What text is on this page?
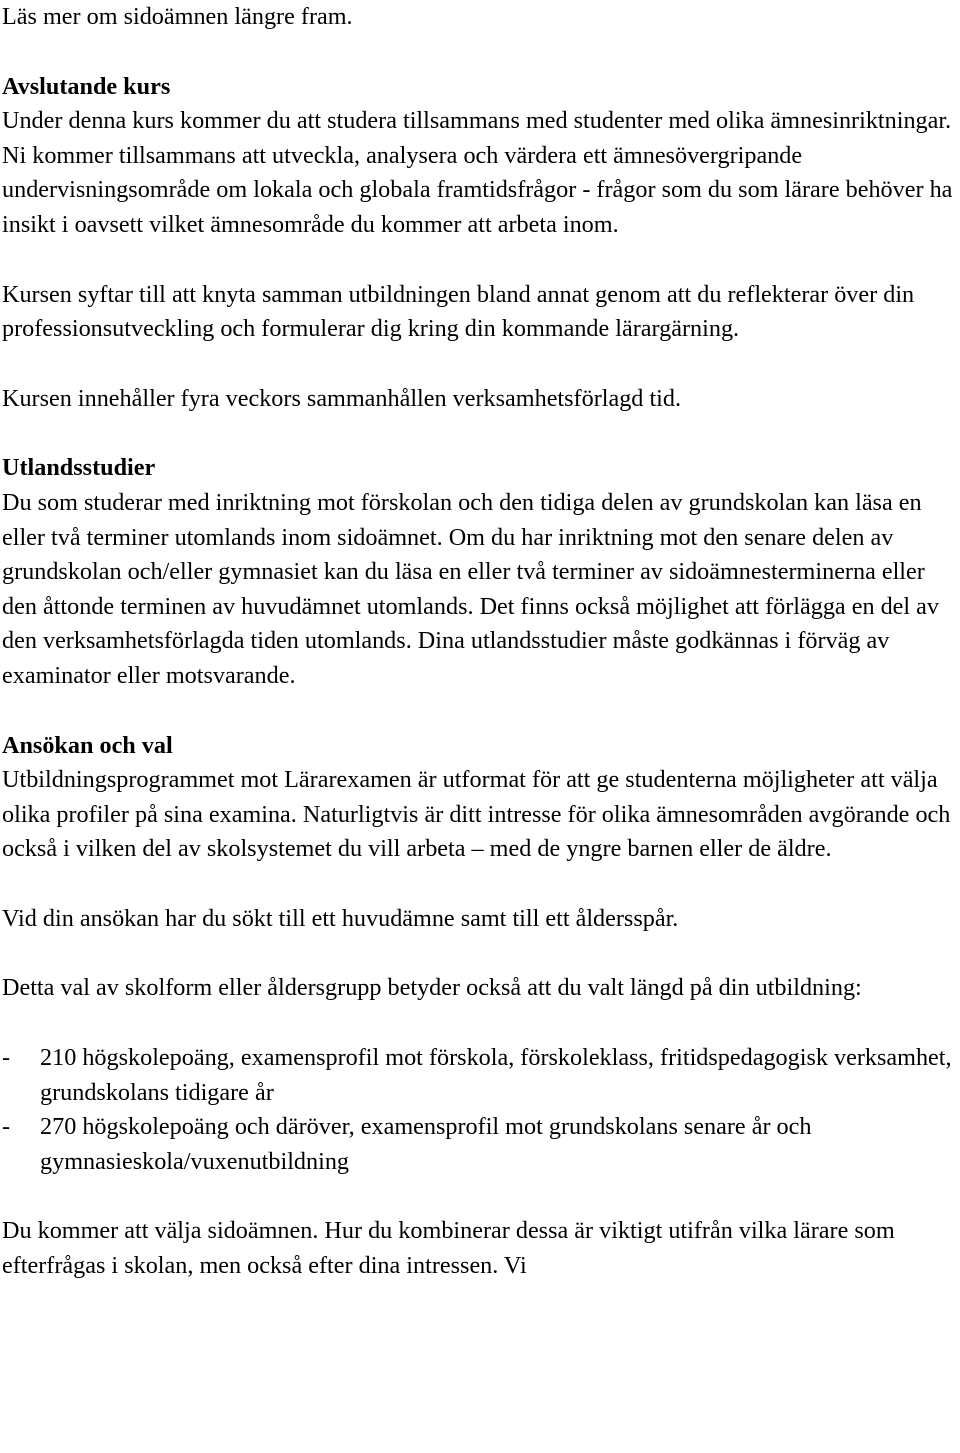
Läs mer om sidoämnen längre fram.

Avslutande kurs

Under denna kurs kommer du att studera tillsammans med studenter med olika ämnesinriktningar. Ni kommer tillsammans att utveckla, analysera och värdera ett ämnesövergripande undervisningsområde om lokala och globala framtidsfrågor - frågor som du som lärare behöver ha insikt i oavsett vilket ämnesområde du kommer att arbeta inom.

Kursen syftar till att knyta samman utbildningen bland annat genom att du reflekterar över din professionsutveckling och formulerar dig kring din kommande lärargärning.

Kursen innehåller fyra veckors sammanhållen verksamhetsförlagd tid.

Utlandsstudier

Du som studerar med inriktning mot förskolan och den tidiga delen av grundskolan kan läsa en eller två terminer utomlands inom sidoämnet. Om du har inriktning mot den senare delen av grundskolan och/eller gymnasiet kan du läsa en eller två terminer av sidoämnesterminerna eller den åttonde terminen av huvudämnet utomlands. Det finns också möjlighet att förlägga en del av den verksamhetsförlagda tiden utomlands. Dina utlandsstudier måste godkännas i förväg av examinator eller motsvarande.

Ansökan och val

Utbildningsprogrammet mot Lärarexamen är utformat för att ge studenterna möjligheter att välja olika profiler på sina examina. Naturligtvis är ditt intresse för olika ämnesområden avgörande och också i vilken del av skolsystemet du vill arbeta – med de yngre barnen eller de äldre.

Vid din ansökan har du sökt till ett huvudämne samt till ett åldersspår.

Detta val av skolform eller åldersgrupp betyder också att du valt längd på din utbildning:

-	210 högskolepoäng, examensprofil mot förskola, förskoleklass, fritidspedagogisk verksamhet, grundskolans tidigare år
-	270 högskolepoäng och däröver, examensprofil mot grundskolans senare år och gymnasieskola/vuxenutbildning

Du kommer att välja sidoämnen. Hur du kombinerar dessa är viktigt utifrån vilka lärare som efterfrågas i skolan, men också efter dina intressen. Vi
